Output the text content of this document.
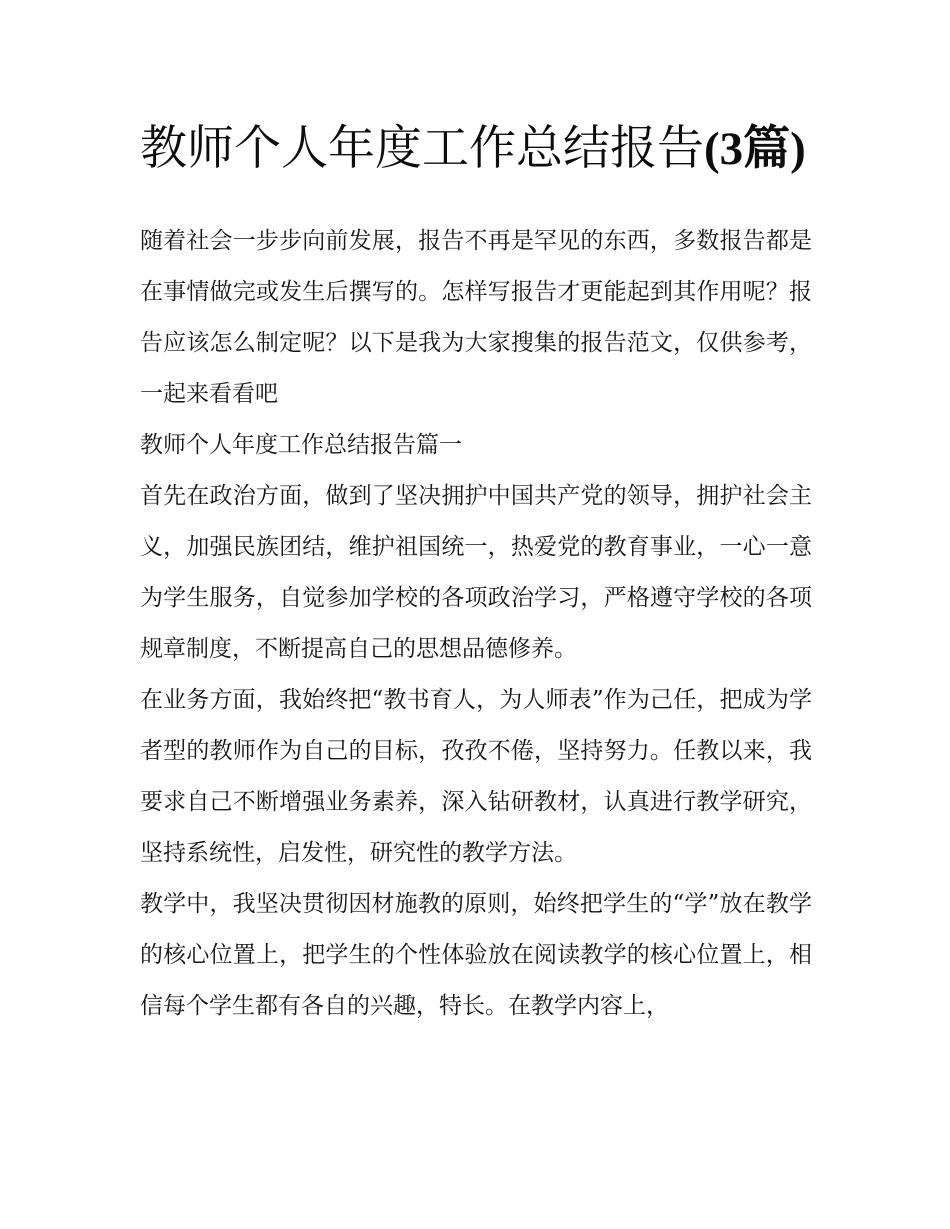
教师个人年度工作总结报告(3篇)

随着社会一步步向前发展，报告不再是罕见的东西，多数报告都是在事情做完或发生后撰写的。怎样写报告才更能起到其作用呢？报告应该怎么制定呢？以下是我为大家搜集的报告范文，仅供参考，一起来看看吧

教师个人年度工作总结报告篇一

首先在政治方面，做到了坚决拥护中国共产党的领导，拥护社会主义，加强民族团结，维护祖国统一，热爱党的教育事业，一心一意为学生服务，自觉参加学校的各项政治学习，严格遵守学校的各项规章制度，不断提高自己的思想品德修养。

在业务方面，我始终把“教书育人，为人师表”作为己任，把成为学者型的教师作为自己的目标，孜孜不倦，坚持努力。任教以来，我要求自己不断增强业务素养，深入钻研教材，认真进行教学研究，坚持系统性，启发性，研究性的教学方法。

教学中，我坚决贯彻因材施教的原则，始终把学生的“学”放在教学的核心位置上，把学生的个性体验放在阅读教学的核心位置上，相信每个学生都有各自的兴趣，特长。在教学内容上，
